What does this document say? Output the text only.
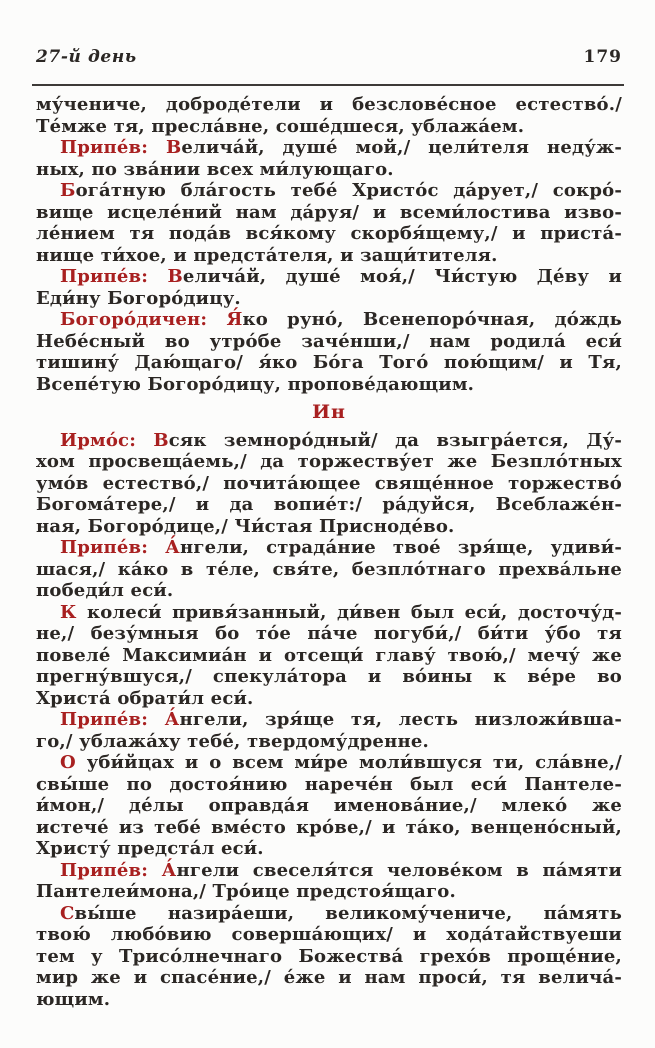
27-й день	179
му́чениче, доброде́тели и безслове́сное естество́./
Те́мже тя, пресла́вне, соше́дшеся, ублажа́ем.
Припе́в: Велича́й, душе́ мой,/ цели́теля неду́ж-
ных, по зва́нии всех ми́лующаго.
Бога́тную бла́гость тебе́ Христо́с да́рует,/ сокро́-
вище исцеле́ний нам да́руя/ и всеми́лостива изво-
ле́нием тя пода́в вся́кому скорбя́щему,/ и приста́-
нище ти́хое, и предста́теля, и защи́тителя.
Припе́в: Велича́й, душе́ моя́,/ Чи́стую Де́ву и
Еди́ну Богоро́дицу.
Богоро́дичен: Я́ко руно́, Всенепоро́чная, до́ждь
Небе́сный во утро́бе заче́нши,/ нам родила́ еси́
тишину́ Даю́щаго/ я́ко Бо́га Того́ пою́щим/ и Тя,
Всепе́тую Богоро́дицу, пропове́дающим.
Ин
Ирмо́с: Всяк земноро́дный/ да взыгра́ется, Ду́-
хом просвеща́емь,/ да торжеству́ет же Безпло́тных
умо́в естество́,/ почита́ющее свяще́нное торжество́
Богома́тере,/ и да вопие́т:/ ра́дуйся, Всеблаже́н-
ная, Богоро́дице,/ Чи́стая Присноде́во.
Припе́в: А́нгели, страда́ние твое́ зря́ще, удиви́-
шася,/ ка́ко в те́ле, свя́те, безпло́тнаго прехва́льне
победи́л еси́.
К колеси́ привя́занный, ди́вен был еси́, досточу́д-
не,/ безу́мныя бо то́е па́че погуби́,/ би́ти у́бо тя
повеле́ Максимиа́н и отсещи́ главу́ твою́,/ мечу́ же
прегну́вшуся,/ спекула́тора и во́ины к ве́ре во
Христа́ обрати́л еси́.
Припе́в: А́нгели, зря́ще тя, лесть низложи́вша-
го,/ ублажа́ху тебе́, твердому́дренне.
О уби́йцах и о всем ми́ре моли́вшуся ти, сла́вне,/
свы́ше по достоя́нию нарече́н был еси́ Пантеле-
и́мон,/ де́лы оправда́я именова́ние,/ млеко́ же
истече́ из тебе́ вме́сто кро́ве,/ и та́ко, венцено́сный,
Христу́ предста́л еси́.
Припе́в: А́нгели свеселя́тся челове́ком в па́мяти
Пантелеи́мона,/ Тро́ице предстоя́щаго.
Свы́ше назира́еши, великому́чениче, па́мять
твою́ любо́вию соверша́ющих/ и хода́тайствуеши
тем у Трисо́лнечнаго Божества́ грехо́в проще́ние,
мир же и спасе́ние,/ е́же и нам проси́, тя велича́-
ющим.
